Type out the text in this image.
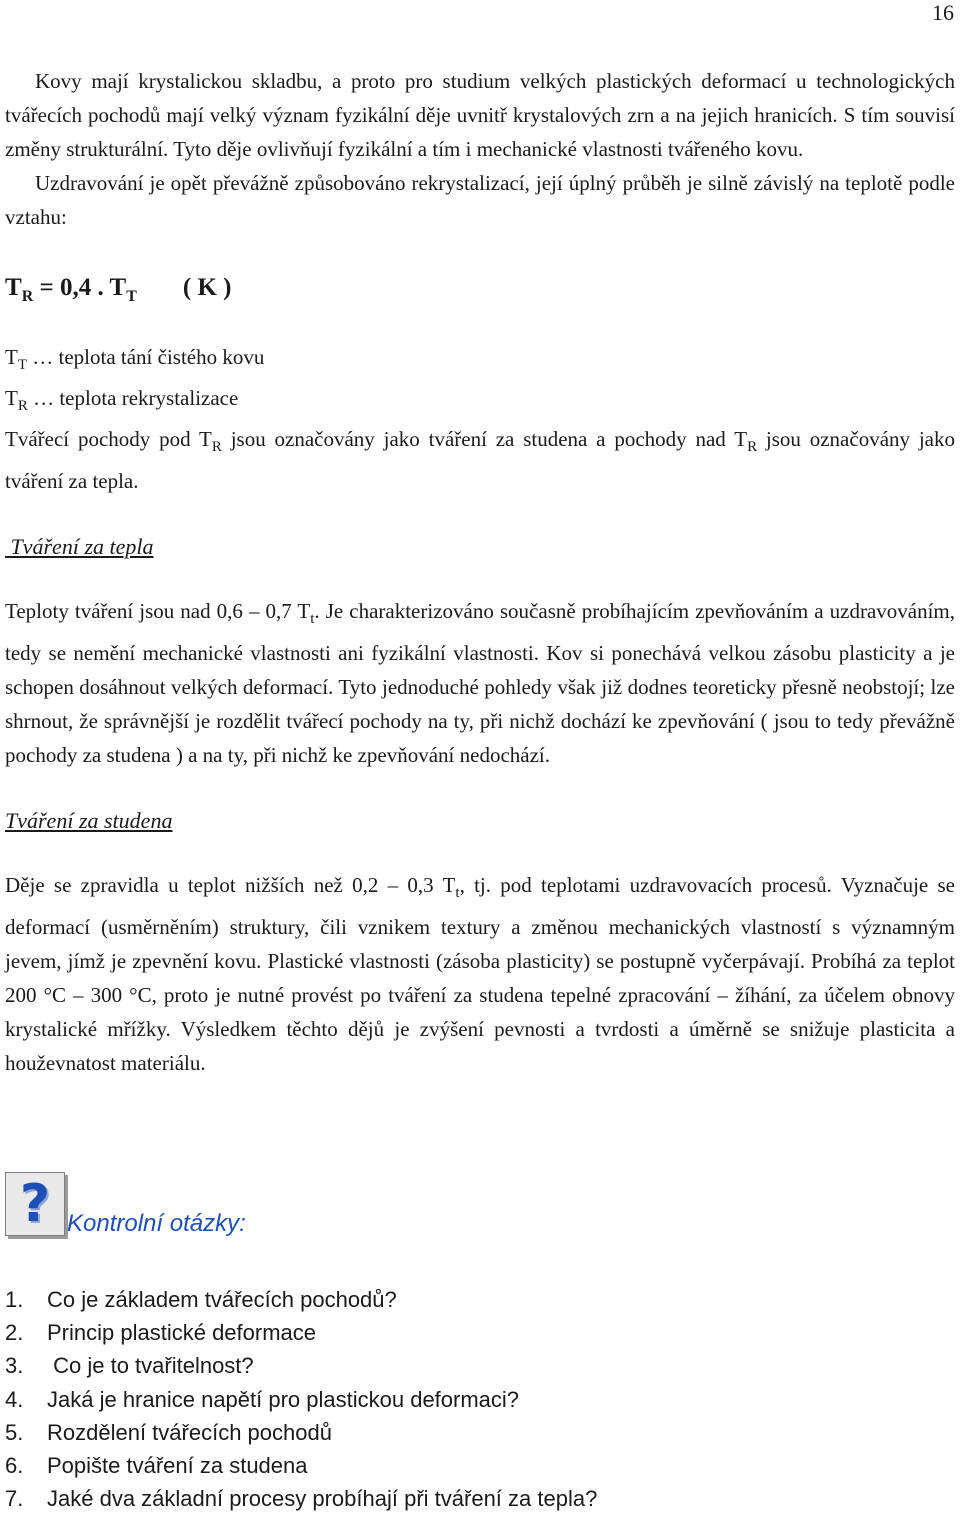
16

Kovy mají krystalickou skladbu, a proto pro studium velkých plastických deformací u technologických tvářecích pochodů mají velký význam fyzikální děje uvnitř krystalových zrn a na jejich hranicích. S tím souvisí změny strukturální. Tyto děje ovlivňují fyzikální a tím i mechanické vlastnosti tvářeného kovu.

Uzdravování je opět převážně způsobováno rekrystalizací, její úplný průběh je silně závislý na teplotě podle vztahu:

$T_R = 0,4$ . $T_T$ ( K )

$T_T$ … teplota tání čistého kovu

$T_R$ … teplota rekrystalizace

Tvářecí pochody pod $T_R$ jsou označovány jako tváření za studena a pochody nad $T_R$ jsou označovány jako tváření za tepla.

Tváření za tepla

Teploty tváření jsou nad 0,6 – 0,7 $T_t$. Je charakterizováno současně probíhajícím zpevňováním a uzdravováním, tedy se nemění mechanické vlastnosti ani fyzikální vlastnosti. Kov si ponechává velkou zásobu plasticity a je schopen dosáhnout velkých deformací. Tyto jednoduché pohledy však již dodnes teoreticky přesně neobstojí; lze shrnout, že správnější je rozdělit tvářecí pochody na ty, při nichž dochází ke zpevňování ( jsou to tedy převážně pochody za studena ) a na ty, při nichž ke zpevňování nedochází.

Tváření za studena

Děje se zpravidla u teplot nižších než 0,2 – 0,3 $T_t$, tj. pod teplotami uzdravovacích procesů. Vyznačuje se deformací (usměrněním) struktury, čili vznikem textury a změnou mechanických vlastností s významným jevem, jímž je zpevnění kovu. Plastické vlastnosti (zásoba plasticity) se postupně vyčerpávají. Probíhá za teplot 200 °C – 300 °C, proto je nutné provést po tváření za studena tepelné zpracování – žíhání, za účelem obnovy krystalické mřížky. Výsledkem těchto dějů je zvýšení pevnosti a tvrdosti a úměrně se snižuje plasticita a houževnatost materiálu.

? Kontrolní otázky:
1. Co je základem tvářecích pochodů?
2. Princip plastické deformace
3. Co je to tvařitelnost?
4. Jaká je hranice napětí pro plastickou deformaci?
5. Rozdělení tvářecích pochodů
6. Popište tváření za studena
7. Jaké dva základní procesy probíhají při tváření za tepla?
